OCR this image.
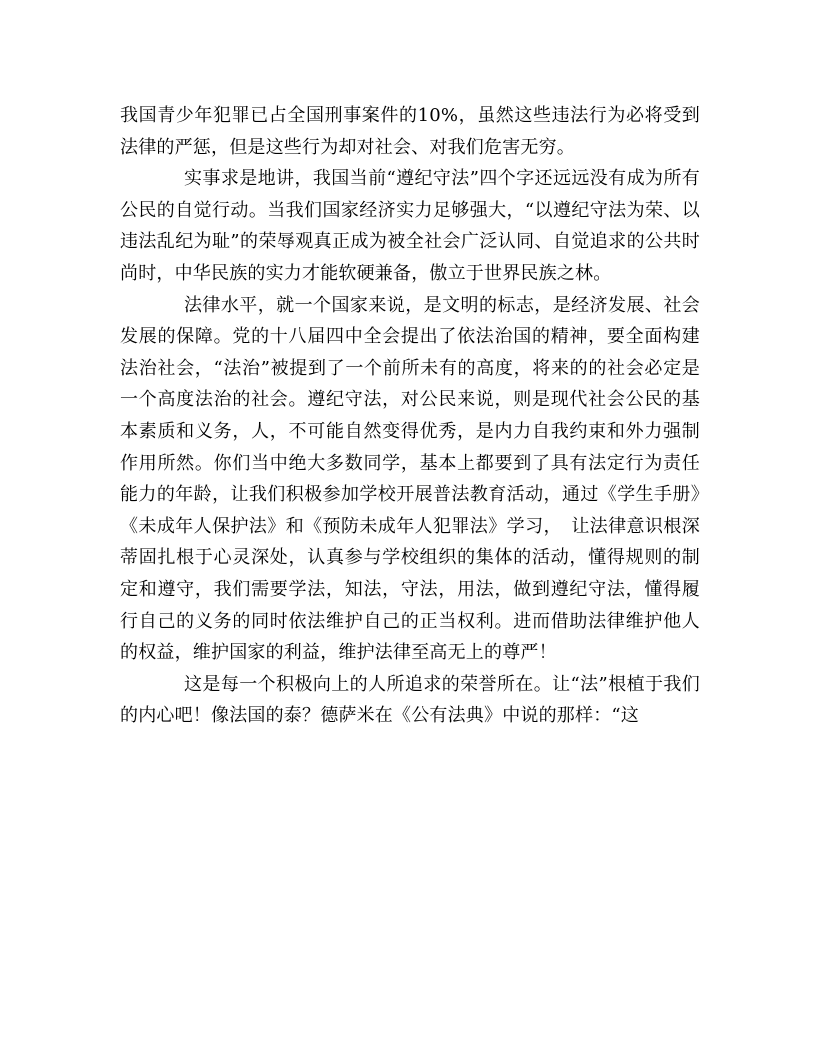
我国青少年犯罪已占全国刑事案件的10%，虽然这些违法行为必将受到法律的严惩，但是这些行为却对社会、对我们危害无穷。

实事求是地讲，我国当前“遵纪守法”四个字还远远没有成为所有公民的自觉行动。当我们国家经济实力足够强大，“以遵纪守法为荣、以违法乱纪为耻”的荣辱观真正成为被全社会广泛认同、自觉追求的公共时尚时，中华民族的实力才能软硬兼备，傲立于世界民族之林。

法律水平，就一个国家来说，是文明的标志，是经济发展、社会发展的保障。党的十八届四中全会提出了依法治国的精神，要全面构建法治社会，“法治”被提到了一个前所未有的高度，将来的的社会必定是一个高度法治的社会。遵纪守法，对公民来说，则是现代社会公民的基本素质和义务，人，不可能自然变得优秀，是内力自我约束和外力强制作用所然。你们当中绝大多数同学，基本上都要到了具有法定行为责任能力的年龄，让我们积极参加学校开展普法教育活动，通过《学生手册》《未成年人保护法》和《预防未成年人犯罪法》学习，　让法律意识根深蒂固扎根于心灵深处，认真参与学校组织的集体的活动，懂得规则的制定和遵守，我们需要学法，知法，守法，用法，做到遵纪守法，懂得履行自己的义务的同时依法维护自己的正当权利。进而借助法律维护他人的权益，维护国家的利益，维护法律至高无上的尊严！

这是每一个积极向上的人所追求的荣誉所在。让“法”根植于我们的内心吧！像法国的泰？德萨米在《公有法典》中说的那样：“这
